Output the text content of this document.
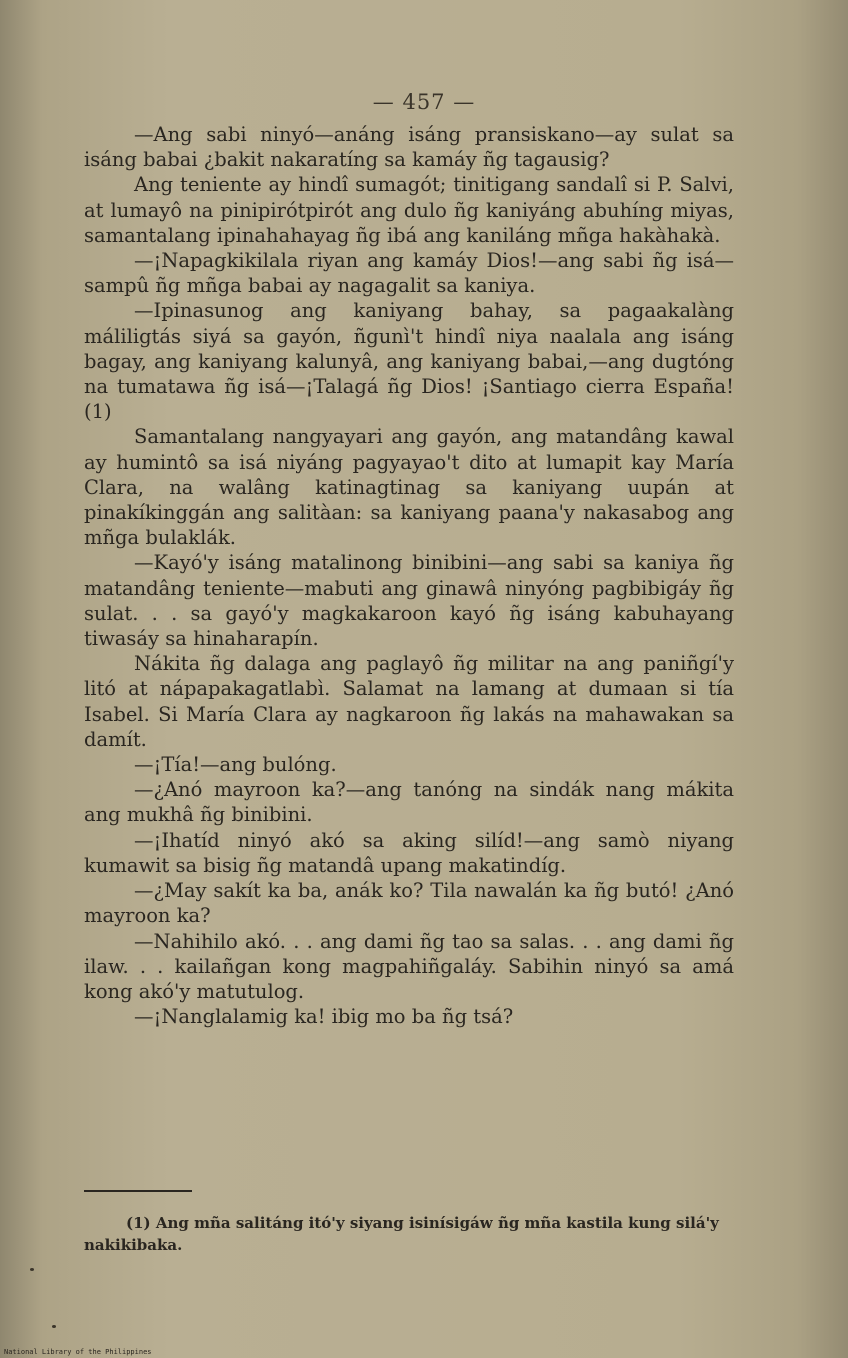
— 457 —

—Ang sabi ninyó—anáng isáng pransiskano—ay sulat sa isáng babai ¿bakit nakaratíng sa kamáy ñg tagausig?

Ang teniente ay hindî sumagót; tinitigang sandalî si P. Salvi, at lumayô na pinipirótpirót ang dulo ñg kaniyáng abuhíng miyas, samantalang ipinahahayag ñg ibá ang kaniláng mñga hakàhakà.

—¡Napagkikilala riyan ang kamáy Dios!—ang sabi ñg isá—sampû ñg mñga babai ay nagagalit sa kaniya.

—Ipinasunog ang kaniyang bahay, sa pagaakalàng máliligtás siyá sa gayón, ñgunì't hindî niya naalala ang isáng bagay, ang kaniyang kalunyâ, ang kaniyang babai,—ang dugtóng na tumatawa ñg isá—¡Talagá ñg Dios! ¡Santiago cierra España! (1)

Samantalang nangyayari ang gayón, ang matandâng kawal ay humintô sa isá niyáng pagyayao't dito at lumapit kay María Clara, na walâng katinagtinag sa kaniyang uupán at pinakíkinggán ang salitàan: sa kaniyang paana'y nakasabog ang mñga bulaklák.

—Kayó'y isáng matalinong binibini—ang sabi sa kaniya ñg matandâng teniente—mabuti ang ginawâ ninyóng pagbibigáy ñg sulat. . . sa gayó'y magkakaroon kayó ñg isáng kabuhayang tiwasáy sa hinaharapín.

Nákita ñg dalaga ang paglayô ñg militar na ang paniñgí'y litó at nápapakagatlabì. Salamat na lamang at dumaan si tía Isabel. Si María Clara ay nagkaroon ñg lakás na mahawakan sa damít.

—¡Tía!—ang bulóng.

—¿Anó mayroon ka?—ang tanóng na sindák nang mákita ang mukhâ ñg binibini.

—¡Ihatíd ninyó akó sa aking silíd!—ang samò niyang kumawit sa bisig ñg matandâ upang makatindíg.

—¿May sakít ka ba, anák ko? Tila nawalán ka ñg butó! ¿Anó mayroon ka?

—Nahihilo akó. . . ang dami ñg tao sa salas. . . ang dami ñg ilaw. . . kailañgan kong magpahiñgaláy. Sabihin ninyó sa amá kong akó'y matutulog.

—¡Nanglalamig ka! ibig mo ba ñg tsá?

(1) Ang mña salitáng itó'y siyang isinísigáw ñg mña kastila kung silá'y nakikibaka.

National Library of the Philippines
